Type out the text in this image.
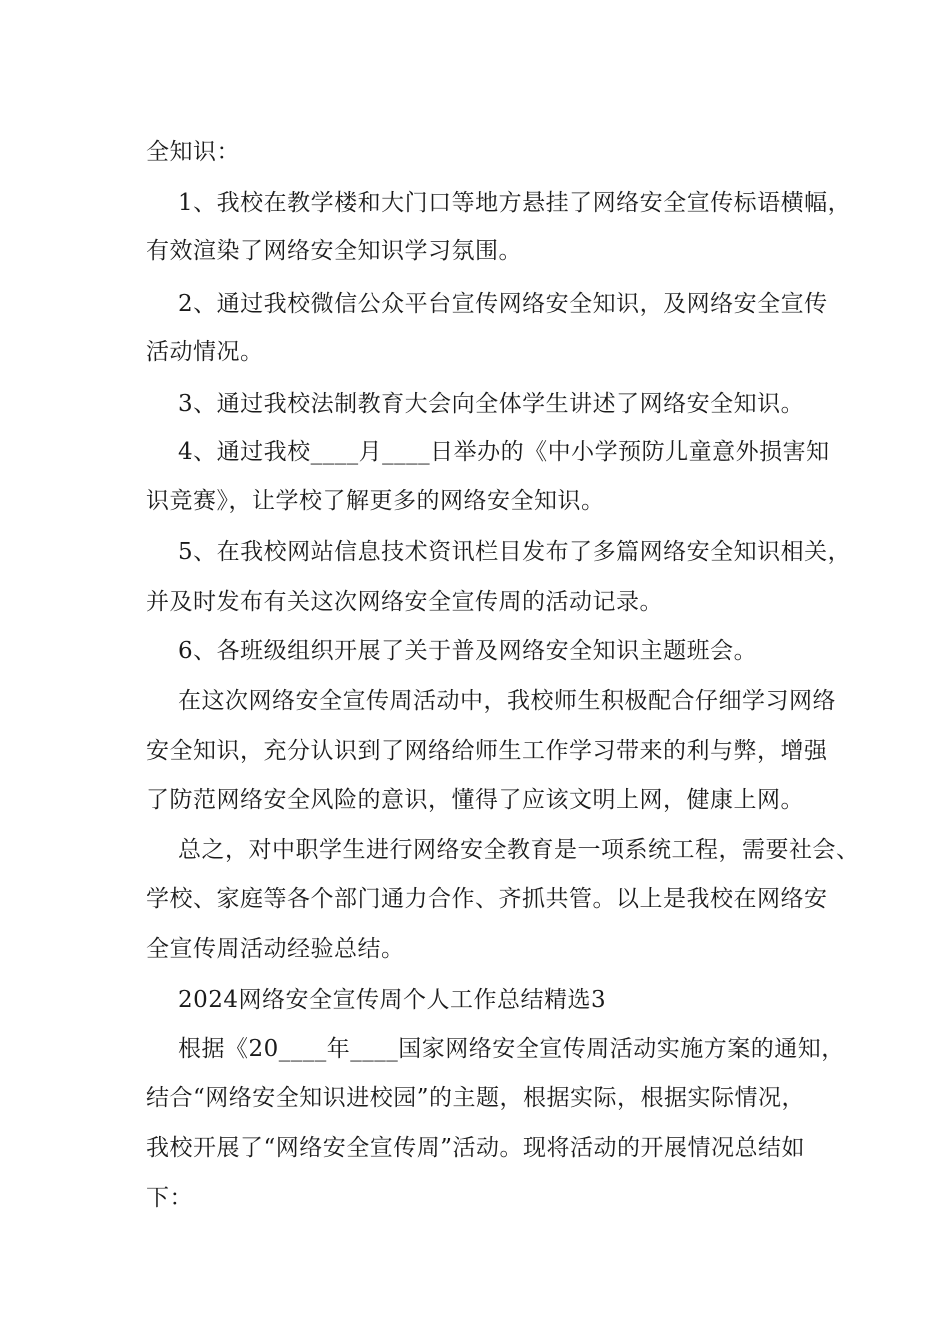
全知识：

1、我校在教学楼和大门口等地方悬挂了网络安全宣传标语横幅，

有效渲染了网络安全知识学习氛围。

2、通过我校微信公众平台宣传网络安全知识，及网络安全宣传

活动情况。

3、通过我校法制教育大会向全体学生讲述了网络安全知识。

4、通过我校____月____日举办的《中小学预防儿童意外损害知

识竞赛》，让学校了解更多的网络安全知识。

5、在我校网站信息技术资讯栏目发布了多篇网络安全知识相关，

并及时发布有关这次网络安全宣传周的活动记录。

6、各班级组织开展了关于普及网络安全知识主题班会。

在这次网络安全宣传周活动中，我校师生积极配合仔细学习网络

安全知识，充分认识到了网络给师生工作学习带来的利与弊，增强

了防范网络安全风险的意识，懂得了应该文明上网，健康上网。

总之，对中职学生进行网络安全教育是一项系统工程，需要社会、

学校、家庭等各个部门通力合作、齐抓共管。以上是我校在网络安

全宣传周活动经验总结。

2024网络安全宣传周个人工作总结精选3

根据《20____年____国家网络安全宣传周活动实施方案的通知，

结合“网络安全知识进校园”的主题，根据实际，根据实际情况，

我校开展了“网络安全宣传周”活动。现将活动的开展情况总结如

下：
